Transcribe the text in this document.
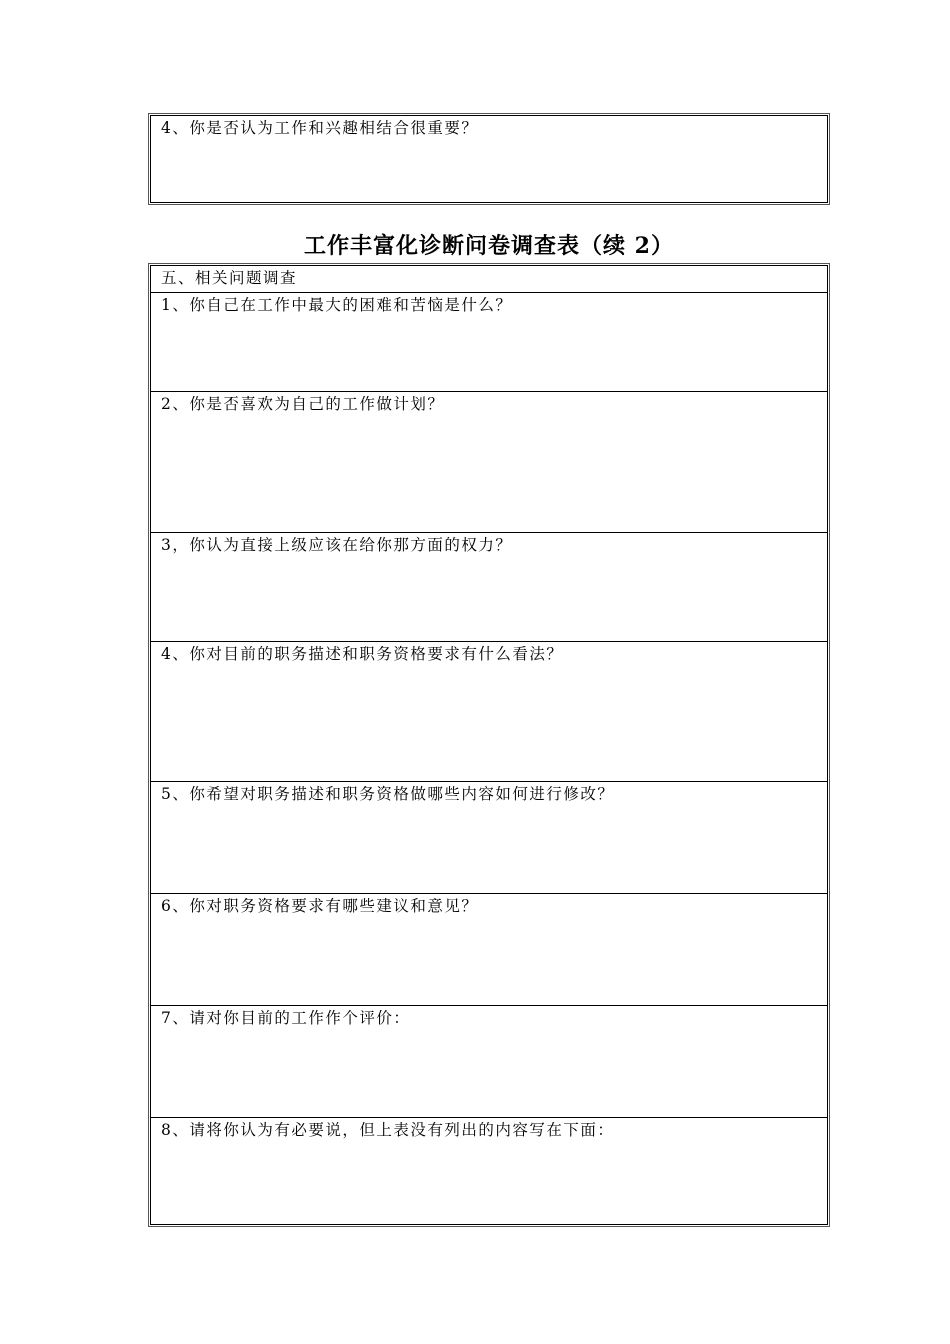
4、你是否认为工作和兴趣相结合很重要？
工作丰富化诊断问卷调查表（续 2）
五、相关问题调查
1、你自己在工作中最大的困难和苦恼是什么？
2、你是否喜欢为自己的工作做计划？
3，你认为直接上级应该在给你那方面的权力？
4、你对目前的职务描述和职务资格要求有什么看法？
5、你希望对职务描述和职务资格做哪些内容如何进行修改？
6、你对职务资格要求有哪些建议和意见？
7、请对你目前的工作作个评价：
8、请将你认为有必要说，但上表没有列出的内容写在下面：
